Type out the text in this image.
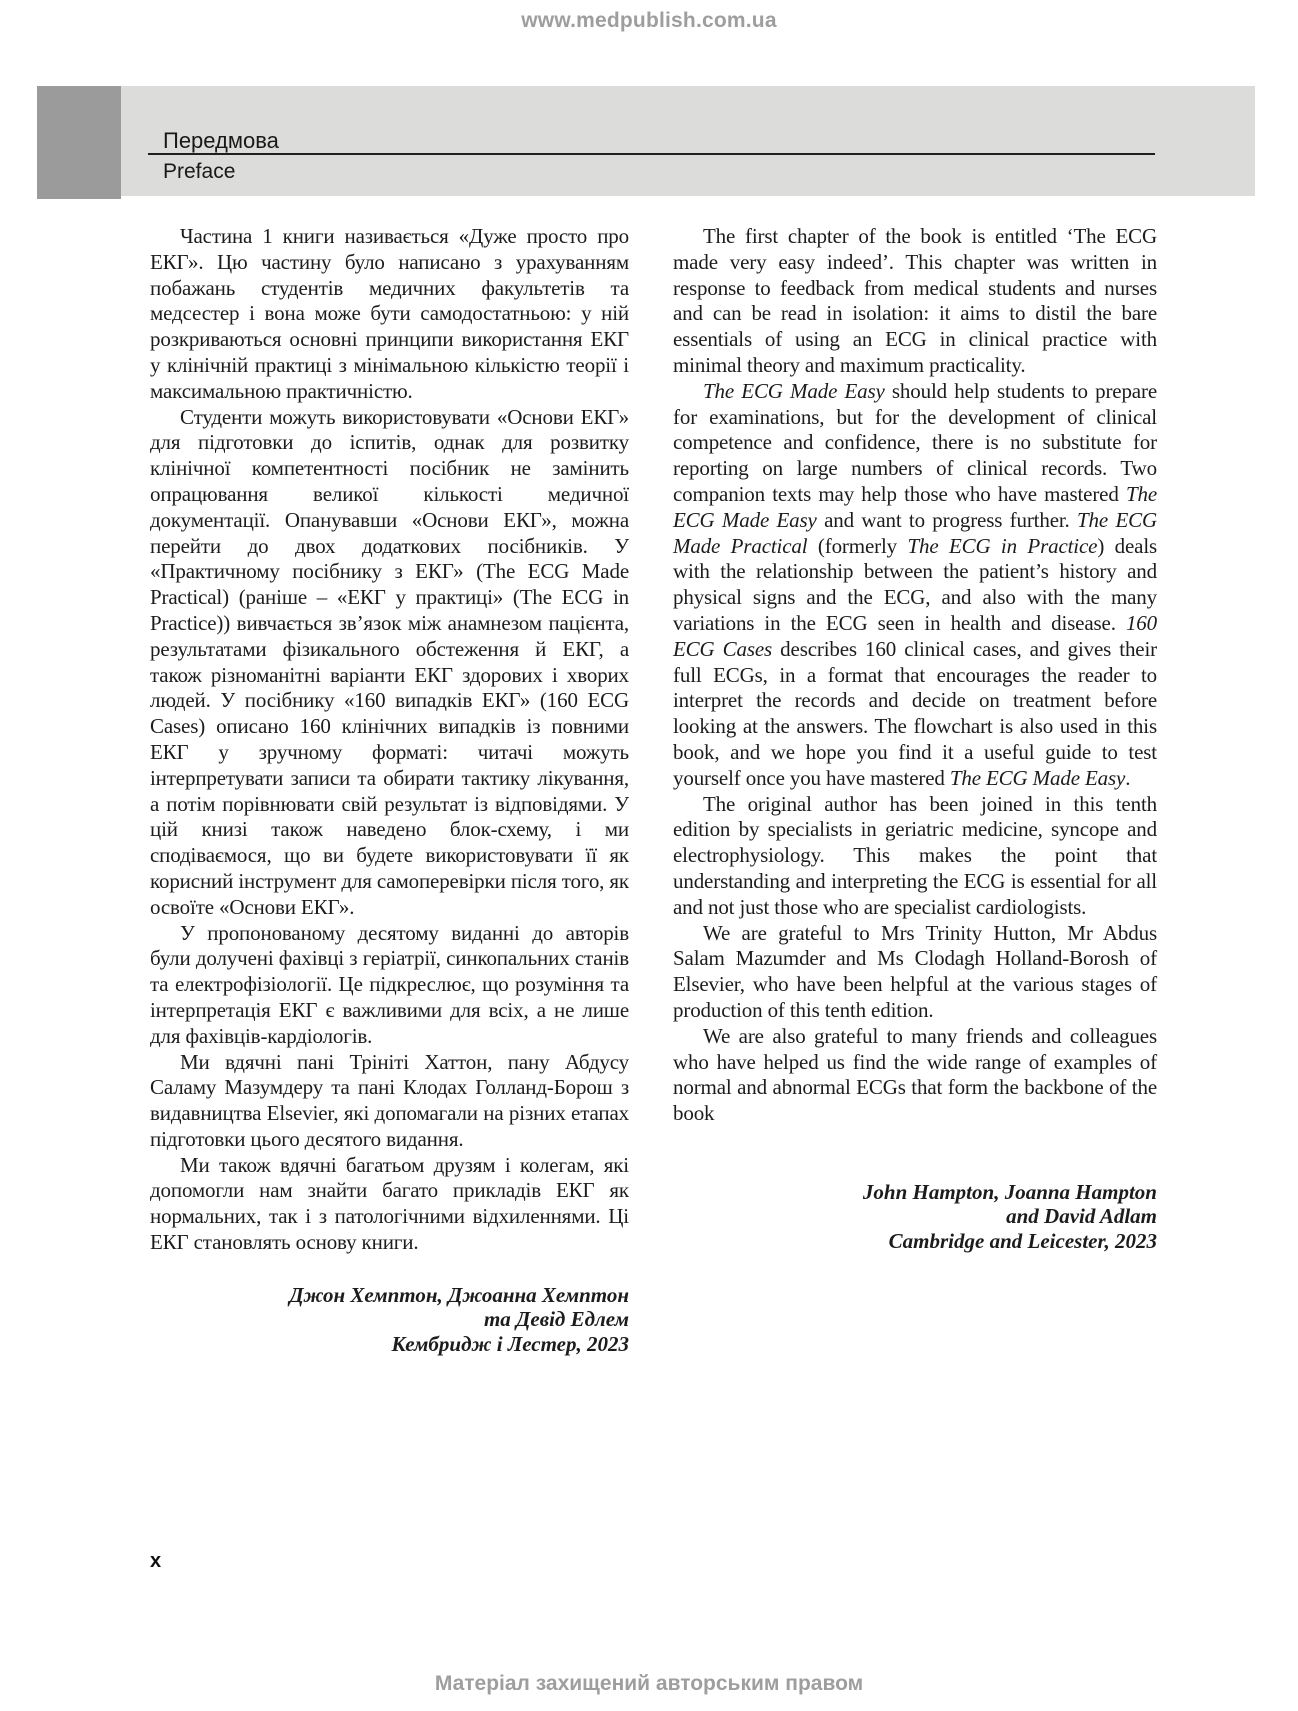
www.medpublish.com.ua
Передмова
Preface

Частина 1 книги називається «Дуже просто про ЕКГ». Цю частину було написано з урахуванням побажань студентів медичних факультетів та медсестер і вона може бути самодостатньою: у ній розкриваються основні принципи використання ЕКГ у клінічній практиці з мінімальною кількістю теорії і максимальною практичністю.

Студенти можуть використовувати «Основи ЕКГ» для підготовки до іспитів, однак для розвитку клінічної компетентності посібник не замінить опрацювання великої кількості медичної документації. Опанувавши «Основи ЕКГ», можна перейти до двох додаткових посібників. У «Практичному посібнику з ЕКГ» (The ECG Made Practical) (раніше – «ЕКГ у практиці» (The ECG in Practice)) вивчається зв’язок між анамнезом пацієнта, результатами фізикального обстеження й ЕКГ, а також різноманітні варіанти ЕКГ здорових і хворих людей. У посібнику «160 випадків ЕКГ» (160 ECG Cases) описано 160 клінічних випадків із повними ЕКГ у зручному форматі: читачі можуть інтерпретувати записи та обирати тактику лікування, а потім порівнювати свій результат із відповідями. У цій книзі також наведено блок-схему, і ми сподіваємося, що ви будете використовувати її як корисний інструмент для самоперевірки після того, як освоїте «Основи ЕКГ».

У пропонованому десятому виданні до авторів були долучені фахівці з геріатрії, синкопальних станів та електрофізіології. Це підкреслює, що розуміння та інтерпретація ЕКГ є важливими для всіх, а не лише для фахівців-кардіологів.

Ми вдячні пані Трініті Хаттон, пану Абдусу Саламу Мазумдеру та пані Клодах Голланд-Борош з видавництва Elsevier, які допомагали на різних етапах підготовки цього десятого видання.

Ми також вдячні багатьом друзям і колегам, які допомогли нам знайти багато прикладів ЕКГ як нормальних, так і з патологічними відхиленнями. Ці ЕКГ становлять основу книги.

Джон Хемптон, Джоанна Хемптон
та Девід Едлем
Кембридж і Лестер, 2023

The first chapter of the book is entitled ‘The ECG made very easy indeed’. This chapter was written in response to feedback from medical students and nurses and can be read in isolation: it aims to distil the bare essentials of using an ECG in clinical practice with minimal theory and maximum practicality.

The ECG Made Easy should help students to prepare for examinations, but for the development of clinical competence and confidence, there is no substitute for reporting on large numbers of clinical records. Two companion texts may help those who have mastered The ECG Made Easy and want to progress further. The ECG Made Practical (formerly The ECG in Practice) deals with the relationship between the patient’s history and physical signs and the ECG, and also with the many variations in the ECG seen in health and disease. 160 ECG Cases describes 160 clinical cases, and gives their full ECGs, in a format that encourages the reader to interpret the records and decide on treatment before looking at the answers. The flowchart is also used in this book, and we hope you find it a useful guide to test yourself once you have mastered The ECG Made Easy.

The original author has been joined in this tenth edition by specialists in geriatric medicine, syncope and electrophysiology. This makes the point that understanding and interpreting the ECG is essential for all and not just those who are specialist cardiologists.

We are grateful to Mrs Trinity Hutton, Mr Abdus Salam Mazumder and Ms Clodagh Holland-Borosh of Elsevier, who have been helpful at the various stages of production of this tenth edition.

We are also grateful to many friends and colleagues who have helped us find the wide range of examples of normal and abnormal ECGs that form the backbone of the book

John Hampton, Joanna Hampton
and David Adlam
Cambridge and Leicester, 2023
x
Матеріал захищений авторським правом
